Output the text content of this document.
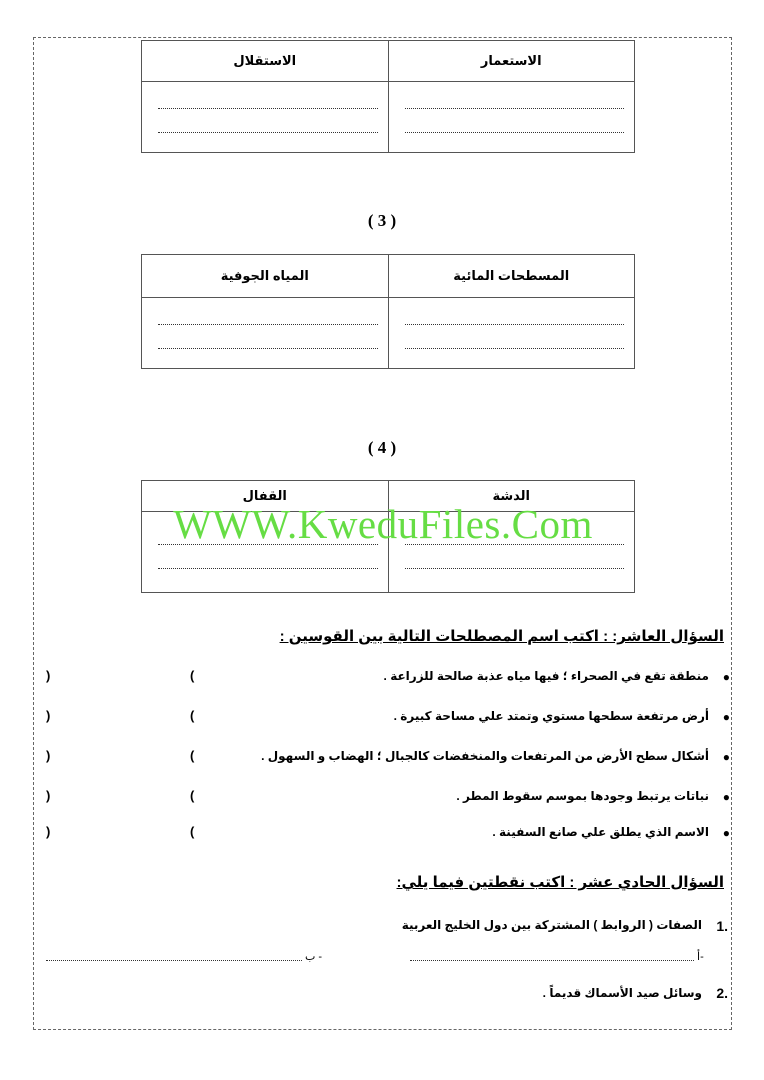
الاستعمار	الاستقلال

( 3 )
المسطحات المائية	المياه الجوفية

( 4 )
الدشة	القفال

WWW.KweduFiles.Com
السؤال العاشر: : اكتب اسم المصطلحات التالية بين القوسين :
●
منطقة تقع في الصحراء ؛ فيها مياه عذبة صالحة للزراعة .
(
)
●
أرض مرتفعة سطحها مستوي وتمتد علي مساحة كبيرة .
(
)
●
أشكال سطح الأرض من المرتفعات والمنخفضات كالجبال ؛ الهضاب و السهول .
(
)
●
نباتات يرتبط وجودها بموسم سقوط المطر .
(
)
●
الاسم الذي يطلق علي صانع السفينة .
(
)
السؤال الحادي عشر : اكتب نقطتين فيما يلي:
1.
الصفات ( الروابط ) المشتركة بين دول الخليج العربية
أ-
ب -
2.
وسائل صيد الأسماك قديماً .
